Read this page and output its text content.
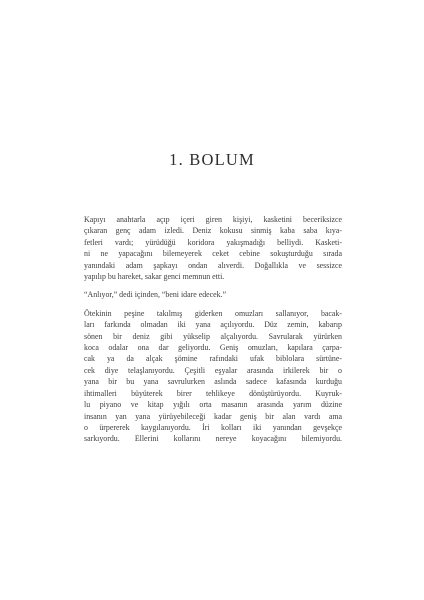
1. BOLUM

Kapıyı anahtarla açıp içeri giren kişiyi, kasketini beceriksizce
çıkaran genç adam izledi. Deniz kokusu sinmiş kaba saba kıya-
fetleri vardı; yürüdüğü koridora yakışmadığı belliydi. Kasketi-
ni ne yapacağını bilemeyerek ceket cebine sokuşturduğu sırada
yanındaki adam şapkayı ondan alıverdi. Doğallıkla ve sessizce
yapılıp bu hareket, sakar genci memnun etti.

“Anlıyor,” dedi içinden, “beni idare edecek.”

Ötekinin peşine takılmış giderken omuzları sallanıyor, bacak-
ları farkında olmadan iki yana açılıyordu. Düz zemin, kabarıp
sönen bir deniz gibi yükselip alçalıyordu. Savrularak yürürken
koca odalar ona dar geliyordu. Geniş omuzları, kapılara çarpa-
cak ya da alçak şömine rafındaki ufak biblolara sürtüne-
cek diye telaşlanıyordu. Çeşitli eşyalar arasında irkilerek bir o
yana bir bu yana savrulurken aslında sadece kafasında kurduğu
ihtimalleri büyüterek birer tehlikeye dönüştürüyordu. Kuyruk-
lu piyano ve kitap yığılı orta masanın arasında yarım düzine
insanın yan yana yürüyebileceği kadar geniş bir alan vardı ama
o ürpererek kaygılanıyordu. İri kolları iki yanından gevşekçe
sarkıyordu. Ellerini kollarını nereye koyacağını bilemiyordu.
